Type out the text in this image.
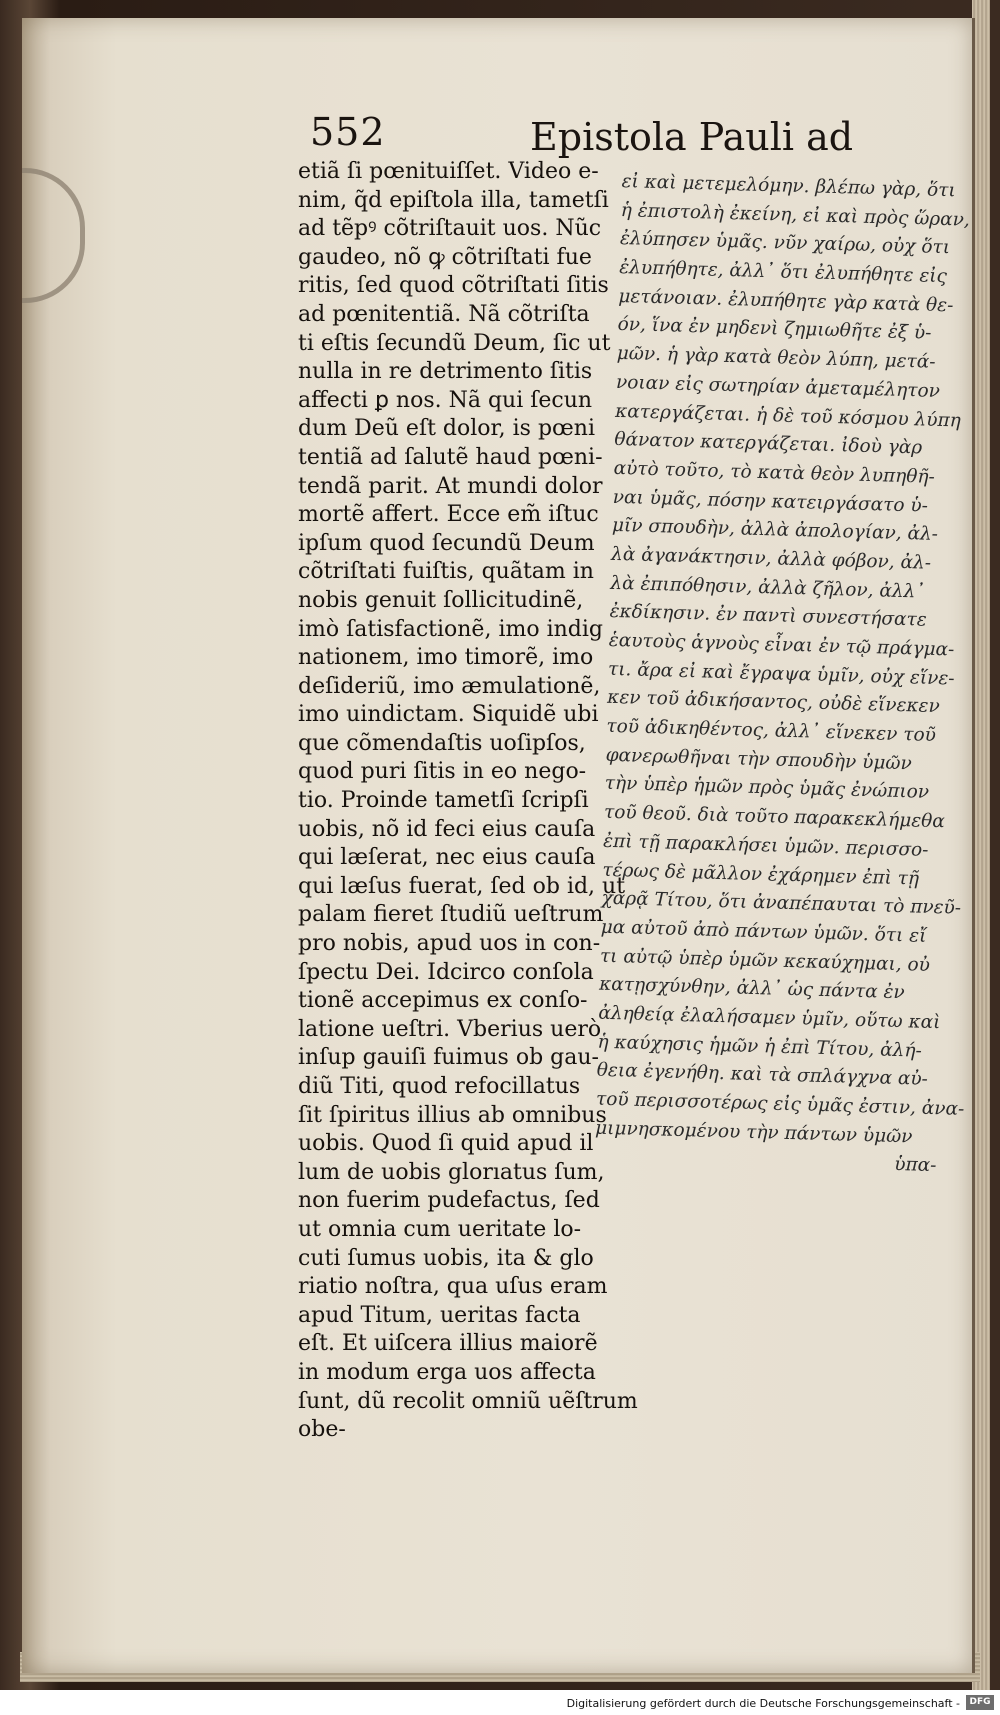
552	Epistola Pauli ad
etiã ſi pœnituiſſet. Video e-
nim, q̃d epiſtola illa, tametſi
ad tẽpꝰ cõtriſtauit uos. Nũc
gaudeo, nõ ꝙ cõtriſtati fue
ritis, ſed quod cõtriſtati ſitis
ad pœnitentiã. Nã cõtriſta
ti eſtis ſecundũ Deum, ſic ut
nulla in re detrimento ſitis
affecti ꝑ nos. Nã qui ſecun
dum Deũ eſt dolor, is pœni
tentiã ad ſalutẽ haud pœni-
tendã parit. At mundi dolor
mortẽ affert. Ecce em̃ iſtuc
ipſum quod ſecundũ Deum
cõtriſtati fuiſtis, quãtam in
nobis genuit ſollicitudinẽ,
imò ſatisfactionẽ, imo indig
nationem, imo timorẽ, imo
deſideriũ, imo æmulationẽ,
imo uindictam. Siquidẽ ubi
que cõmendaſtis uoſipſos,
quod puri ſitis in eo nego-
tio. Proinde tametſi ſcripſi
uobis, nõ id feci eius cauſa
qui læſerat, nec eius cauſa
qui læſus fuerat, ſed ob id, ut
palam fieret ſtudiũ ueſtrum
pro nobis, apud uos in con-
ſpectu Dei. Idcirco conſola
tionẽ accepimus ex conſo-
latione ueſtri. Vberius uerò
inſup gauiſi fuimus ob gau-
diũ Titi, quod refocillatus
ſit ſpiritus illius ab omnibus
uobis. Quod ſi quid apud il
lum de uobis glorıatus ſum,
non fuerim pudefactus, ſed
ut omnia cum ueritate lo-
cuti ſumus uobis, ita & glo
riatio noſtra, qua uſus eram
apud Titum, ueritas facta
eſt. Et uiſcera illius maiorẽ
in modum erga uos affecta
ſunt, dũ recolit omniũ uẽſtrum
obe-
εἰ καὶ μετεμελόμην. βλέπω γὰρ, ὅτι
ἡ ἐπιστολὴ ἐκείνη, εἰ καὶ πρὸς ὥραν,
ἐλύπησεν ὑμᾶς. νῦν χαίρω, οὐχ ὅτι
ἐλυπήθητε, ἀλλ᾽ ὅτι ἐλυπήθητε εἰς
μετάνοιαν. ἐλυπήθητε γὰρ κατὰ θε-
όν, ἵνα ἐν μηδενὶ ζημιωθῆτε ἐξ ὑ-
μῶν. ἡ γὰρ κατὰ θεὸν λύπη, μετά-
νοιαν εἰς σωτηρίαν ἀμεταμέλητον
κατεργάζεται. ἡ δὲ τοῦ κόσμου λύπη
θάνατον κατεργάζεται. ἰδοὺ γὰρ
αὐτὸ τοῦτο, τὸ κατὰ θεὸν λυπηθῆ-
ναι ὑμᾶς, πόσην κατειργάσατο ὑ-
μῖν σπουδὴν, ἀλλὰ ἀπολογίαν, ἀλ-
λὰ ἀγανάκτησιν, ἀλλὰ φόβον, ἀλ-
λὰ ἐπιπόθησιν, ἀλλὰ ζῆλον, ἀλλ᾽
ἐκδίκησιν. ἐν παντὶ συνεστήσατε
ἑαυτοὺς ἁγνοὺς εἶναι ἐν τῷ πράγμα-
τι. ἄρα εἰ καὶ ἔγραψα ὑμῖν, οὐχ εἵνε-
κεν τοῦ ἀδικήσαντος, οὐδὲ εἵνεκεν
τοῦ ἀδικηθέντος, ἀλλ᾽ εἵνεκεν τοῦ
φανερωθῆναι τὴν σπουδὴν ὑμῶν
τὴν ὑπὲρ ἡμῶν πρὸς ὑμᾶς ἐνώπιον
τοῦ θεοῦ. διὰ τοῦτο παρακεκλήμεθα
ἐπὶ τῇ παρακλήσει ὑμῶν. περισσο-
τέρως δὲ μᾶλλον ἐχάρημεν ἐπὶ τῇ
χαρᾷ Τίτου, ὅτι ἀναπέπαυται τὸ πνεῦ-
μα αὐτοῦ ἀπὸ πάντων ὑμῶν. ὅτι εἴ
τι αὐτῷ ὑπὲρ ὑμῶν κεκαύχημαι, οὐ
κατῃσχύνθην, ἀλλ᾽ ὡς πάντα ἐν
ἀληθείᾳ ἐλαλήσαμεν ὑμῖν, οὕτω καὶ
ἡ καύχησις ἡμῶν ἡ ἐπὶ Τίτου, ἀλή-
θεια ἐγενήθη. καὶ τὰ σπλάγχνα αὐ-
τοῦ περισσοτέρως εἰς ὑμᾶς ἐστιν, ἀνα-
μιμνησκομένου τὴν πάντων ὑμῶν
ὑπα-
Digitalisierung gefördert durch die Deutsche Forschungsgemeinschaft -	DFG
